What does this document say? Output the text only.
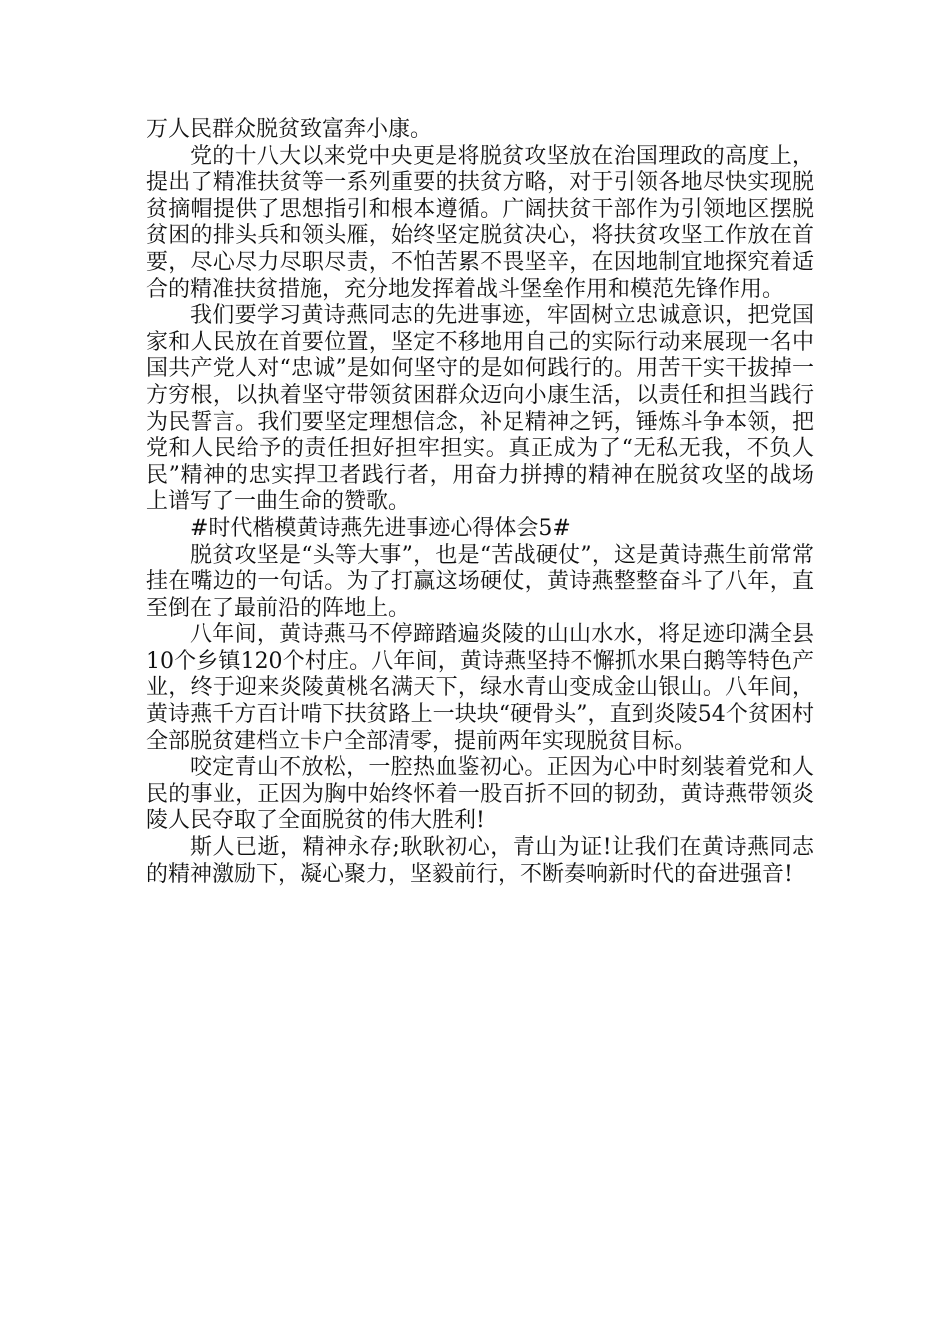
万人民群众脱贫致富奔小康。

党的十八大以来党中央更是将脱贫攻坚放在治国理政的高度上，提出了精准扶贫等一系列重要的扶贫方略，对于引领各地尽快实现脱贫摘帽提供了思想指引和根本遵循。广阔扶贫干部作为引领地区摆脱贫困的排头兵和领头雁，始终坚定脱贫决心，将扶贫攻坚工作放在首要，尽心尽力尽职尽责，不怕苦累不畏坚辛，在因地制宜地探究着适合的精准扶贫措施，充分地发挥着战斗堡垒作用和模范先锋作用。

我们要学习黄诗燕同志的先进事迹，牢固树立忠诚意识，把党国家和人民放在首要位置，坚定不移地用自己的实际行动来展现一名中国共产党人对“忠诚”是如何坚守的是如何践行的。用苦干实干拔掉一方穷根，以执着坚守带领贫困群众迈向小康生活，以责任和担当践行为民誓言。我们要坚定理想信念，补足精神之钙，锤炼斗争本领，把党和人民给予的责任担好担牢担实。真正成为了“无私无我，不负人民”精神的忠实捍卫者践行者，用奋力拼搏的精神在脱贫攻坚的战场上谱写了一曲生命的赞歌。

#时代楷模黄诗燕先进事迹心得体会5#

脱贫攻坚是“头等大事”，也是“苦战硬仗”，这是黄诗燕生前常常挂在嘴边的一句话。为了打赢这场硬仗，黄诗燕整整奋斗了八年，直至倒在了最前沿的阵地上。

八年间，黄诗燕马不停蹄踏遍炎陵的山山水水，将足迹印满全县10个乡镇120个村庄。八年间，黄诗燕坚持不懈抓水果白鹅等特色产业，终于迎来炎陵黄桃名满天下，绿水青山变成金山银山。八年间，黄诗燕千方百计啃下扶贫路上一块块“硬骨头”，直到炎陵54个贫困村全部脱贫建档立卡户全部清零，提前两年实现脱贫目标。

咬定青山不放松，一腔热血鉴初心。正因为心中时刻装着党和人民的事业，正因为胸中始终怀着一股百折不回的韧劲，黄诗燕带领炎陵人民夺取了全面脱贫的伟大胜利!

斯人已逝，精神永存;耿耿初心，青山为证!让我们在黄诗燕同志的精神激励下，凝心聚力，坚毅前行，不断奏响新时代的奋进强音!
